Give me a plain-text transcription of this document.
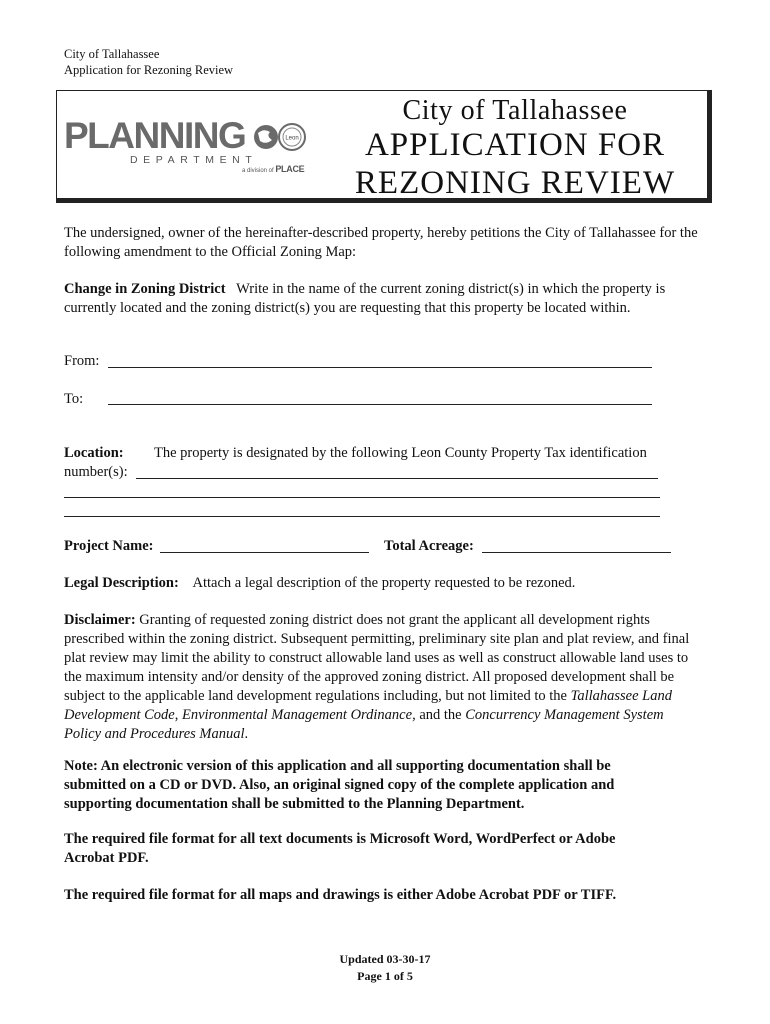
City of Tallahassee
Application for Rezoning Review
PLANNING	Leon
DEPARTMENT
a division of PLACE
City of Tallahassee
APPLICATION FOR
REZONING REVIEW
The undersigned, owner of the hereinafter-described property, hereby petitions the City of Tallahassee for the following amendment to the Official Zoning Map:
Change in Zoning District Write in the name of the current zoning district(s) in which the property is currently located and the zoning district(s) you are requesting that this property be located within.
From:
To:
Location:	The property is designated by the following Leon County Property Tax identification
number(s):
Project Name:	Total Acreage:
Legal Description: Attach a legal description of the property requested to be rezoned.
Disclaimer: Granting of requested zoning district does not grant the applicant all development rights prescribed within the zoning district. Subsequent permitting, preliminary site plan and plat review, and final plat review may limit the ability to construct allowable land uses as well as construct allowable land uses to the maximum intensity and/or density of the approved zoning district. All proposed development shall be subject to the applicable land development regulations including, but not limited to the Tallahassee Land Development Code, Environmental Management Ordinance, and the Concurrency Management System Policy and Procedures Manual.
Note: An electronic version of this application and all supporting documentation shall be submitted on a CD or DVD. Also, an original signed copy of the complete application and supporting documentation shall be submitted to the Planning Department.
The required file format for all text documents is Microsoft Word, WordPerfect or Adobe Acrobat PDF.
The required file format for all maps and drawings is either Adobe Acrobat PDF or TIFF.
Updated 03-30-17
Page 1 of 5
